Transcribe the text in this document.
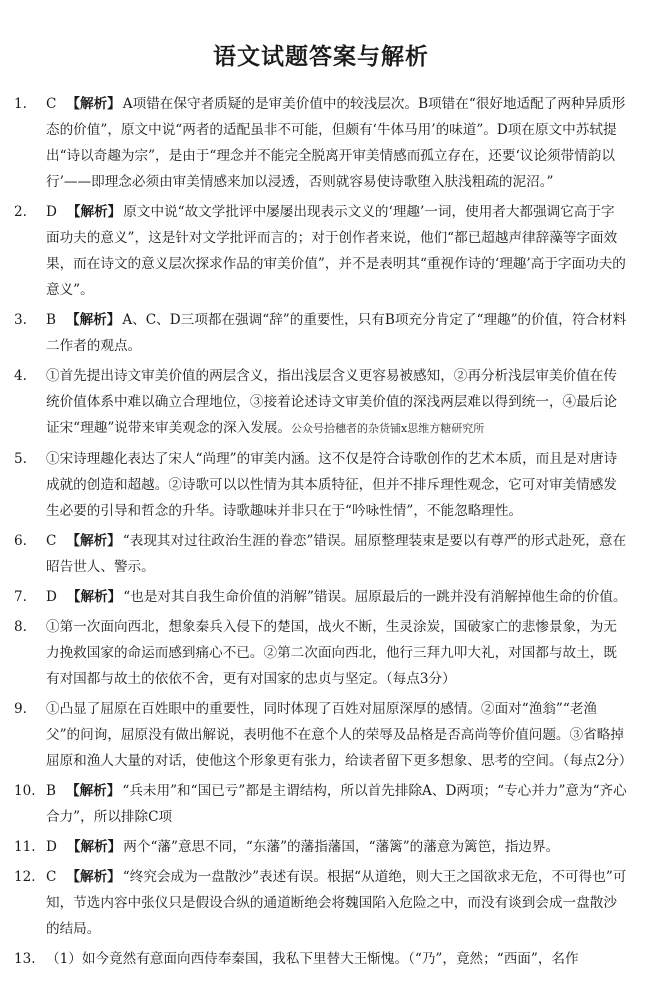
语文试题答案与解析
1.	C 【解析】 A项错在保守者质疑的是审美价值中的较浅层次。B项错在“很好地适配了两种异质形态的价值”，原文中说“两者的适配虽非不可能，但颇有‘牛体马用’的味道”。D项在原文中苏轼提出“诗以奇趣为宗”，是由于“理念并不能完全脱离开审美情感而孤立存在，还要‘议论须带情韵以行’——即理念必须由审美情感来加以浸透，否则就容易使诗歌堕入肤浅粗疏的泥沼。”
2.	D 【解析】 原文中说“故文学批评中屡屡出现表示文义的‘理趣’一词，使用者大都强调它高于字面功夫的意义”，这是针对文学批评而言的；对于创作者来说，他们“都已超越声律辞藻等字面效果，而在诗文的意义层次探求作品的审美价值”，并不是表明其“重视作诗的‘理趣’高于字面功夫的意义”。
3.	B 【解析】 A、C、D三项都在强调“辞”的重要性，只有B项充分肯定了“理趣”的价值，符合材料二作者的观点。
4.	①首先提出诗文审美价值的两层含义，指出浅层含义更容易被感知，②再分析浅层审美价值在传统价值体系中难以确立合理地位，③接着论述诗文审美价值的深浅两层难以得到统一，④最后论证宋“理趣”说带来审美观念的深入发展。公众号拾穗者的杂货铺x思维方糖研究所
5.	①宋诗理趣化表达了宋人“尚理”的审美内涵。这不仅是符合诗歌创作的艺术本质，而且是对唐诗成就的创造和超越。②诗歌可以以性情为其本质特征，但并不排斥理性观念，它可对审美情感发生必要的引导和哲念的升华。诗歌趣味并非只在于“吟咏性情”，不能忽略理性。
6.	C 【解析】 “表现其对过往政治生涯的眷恋”错误。屈原整理装束是要以有尊严的形式赴死，意在昭告世人、警示。
7.	D 【解析】 “也是对其自我生命价值的消解”错误。屈原最后的一跳并没有消解掉他生命的价值。
8.	①第一次面向西北，想象秦兵入侵下的楚国，战火不断，生灵涂炭，国破家亡的悲惨景象，为无力挽救国家的命运而感到痛心不已。②第二次面向西北，他行三拜九叩大礼，对国都与故土，既有对国都与故土的依依不舍，更有对国家的忠贞与坚定。（每点3分）
9.	①凸显了屈原在百姓眼中的重要性，同时体现了百姓对屈原深厚的感情。②面对“渔翁”“老渔父”的问询，屈原没有做出解说，表明他不在意个人的荣辱及品格是否高尚等价值问题。③省略掉屈原和渔人大量的对话，使他这个形象更有张力，给读者留下更多想象、思考的空间。（每点2分）
10. B 【解析】 “兵未用”和“国已亏”都是主谓结构，所以首先排除A、D两项；“专心并力”意为“齐心合力”，所以排除C项
11. D 【解析】 两个“藩”意思不同，“东藩”的藩指藩国，“藩篱”的藩意为篱笆，指边界。
12. C 【解析】 “终究会成为一盘散沙”表述有误。根据“从道绝，则大王之国欲求无危，不可得也”可知，节选内容中张仪只是假设合纵的通道断绝会将魏国陷入危险之中，而没有谈到会成一盘散沙的结局。
13. （1）如今竟然有意面向西侍奉秦国，我私下里替大王惭愧。（“乃”，竟然；“西面”，名作
